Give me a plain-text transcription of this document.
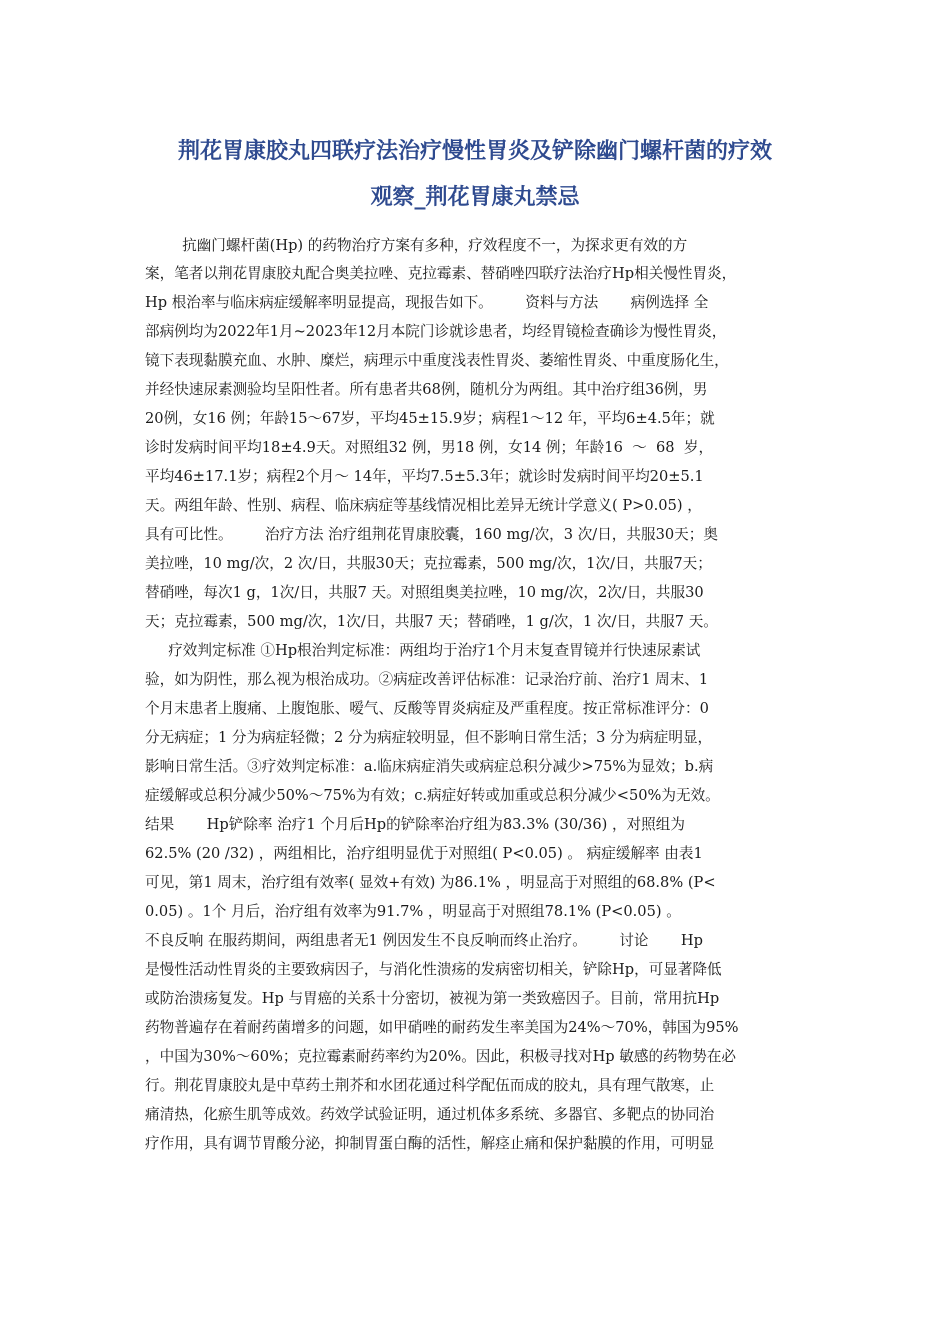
荆花胃康胶丸四联疗法治疗慢性胃炎及铲除幽门螺杆菌的疗效
观察_荆花胃康丸禁忌

抗幽门螺杆菌(Hp) 的药物治疗方案有多种，疗效程度不一，为探求更有效的方

案，笔者以荆花胃康胶丸配合奥美拉唑、克拉霉素、替硝唑四联疗法治疗Hp相关慢性胃炎，

Hp 根治率与临床病症缓解率明显提高，现报告如下。       资料与方法       病例选择 全

部病例均为2022年1月~2023年12月本院门诊就诊患者，均经胃镜检查确诊为慢性胃炎，

镜下表现黏膜充血、水肿、糜烂，病理示中重度浅表性胃炎、萎缩性胃炎、中重度肠化生，

并经快速尿素测验均呈阳性者。所有患者共68例，随机分为两组。其中治疗组36例，男

20例，女16 例；年龄15～67岁，平均45±15.9岁；病程1～12 年，平均6±4.5年；就

诊时发病时间平均18±4.9天。对照组32 例，男18 例，女14 例；年龄16  ～  68  岁，

平均46±17.1岁；病程2个月～ 14年，平均7.5±5.3年；就诊时发病时间平均20±5.1

天。两组年龄、性别、病程、临床病症等基线情况相比差异无统计学意义( P>0.05) ，

具有可比性。       治疗方法 治疗组荆花胃康胶囊，160 mg/次，3 次/日，共服30天；奥

美拉唑，10 mg/次，2 次/日，共服30天；克拉霉素，500 mg/次，1次/日，共服7天；

替硝唑，每次1 g，1次/日，共服7 天。对照组奥美拉唑，10 mg/次，2次/日，共服30

天；克拉霉素，500 mg/次，1次/日，共服7 天；替硝唑，1 g/次，1 次/日，共服7 天。

疗效判定标准 ①Hp根治判定标准：两组均于治疗1个月末复查胃镜并行快速尿素试

验，如为阴性，那么视为根治成功。②病症改善评估标准：记录治疗前、治疗1 周末、1

个月末患者上腹痛、上腹饱胀、嗳气、反酸等胃炎病症及严重程度。按正常标准评分：0

分无病症；1 分为病症轻微；2 分为病症较明显，但不影响日常生活；3 分为病症明显，

影响日常生活。③疗效判定标准：a.临床病症消失或病症总积分减少>75%为显效；b.病

症缓解或总积分减少50%～75%为有效；c.病症好转或加重或总积分减少<50%为无效。

结果       Hp铲除率 治疗1 个月后Hp的铲除率治疗组为83.3% (30/36) ，对照组为

62.5% (20 /32) ，两组相比，治疗组明显优于对照组( P<0.05) 。 病症缓解率 由表1

可见，第1 周末，治疗组有效率( 显效+有效) 为86.1% ，明显高于对照组的68.8% (P<

0.05) 。1个 月后，治疗组有效率为91.7% ，明显高于对照组78.1% (P<0.05) 。

不良反响 在服药期间，两组患者无1 例因发生不良反响而终止治疗。       讨论       Hp

是慢性活动性胃炎的主要致病因子，与消化性溃疡的发病密切相关，铲除Hp，可显著降低

或防治溃疡复发。Hp 与胃癌的关系十分密切，被视为第一类致癌因子。目前，常用抗Hp

药物普遍存在着耐药菌增多的问题，如甲硝唑的耐药发生率美国为24%～70%，韩国为95%

，中国为30%～60%；克拉霉素耐药率约为20%。因此，积极寻找对Hp 敏感的药物势在必

行。荆花胃康胶丸是中草药土荆芥和水团花通过科学配伍而成的胶丸，具有理气散寒，止

痛清热，化瘀生肌等成效。药效学试验证明，通过机体多系统、多器官、多靶点的协同治

疗作用，具有调节胃酸分泌，抑制胃蛋白酶的活性，解痉止痛和保护黏膜的作用，可明显
